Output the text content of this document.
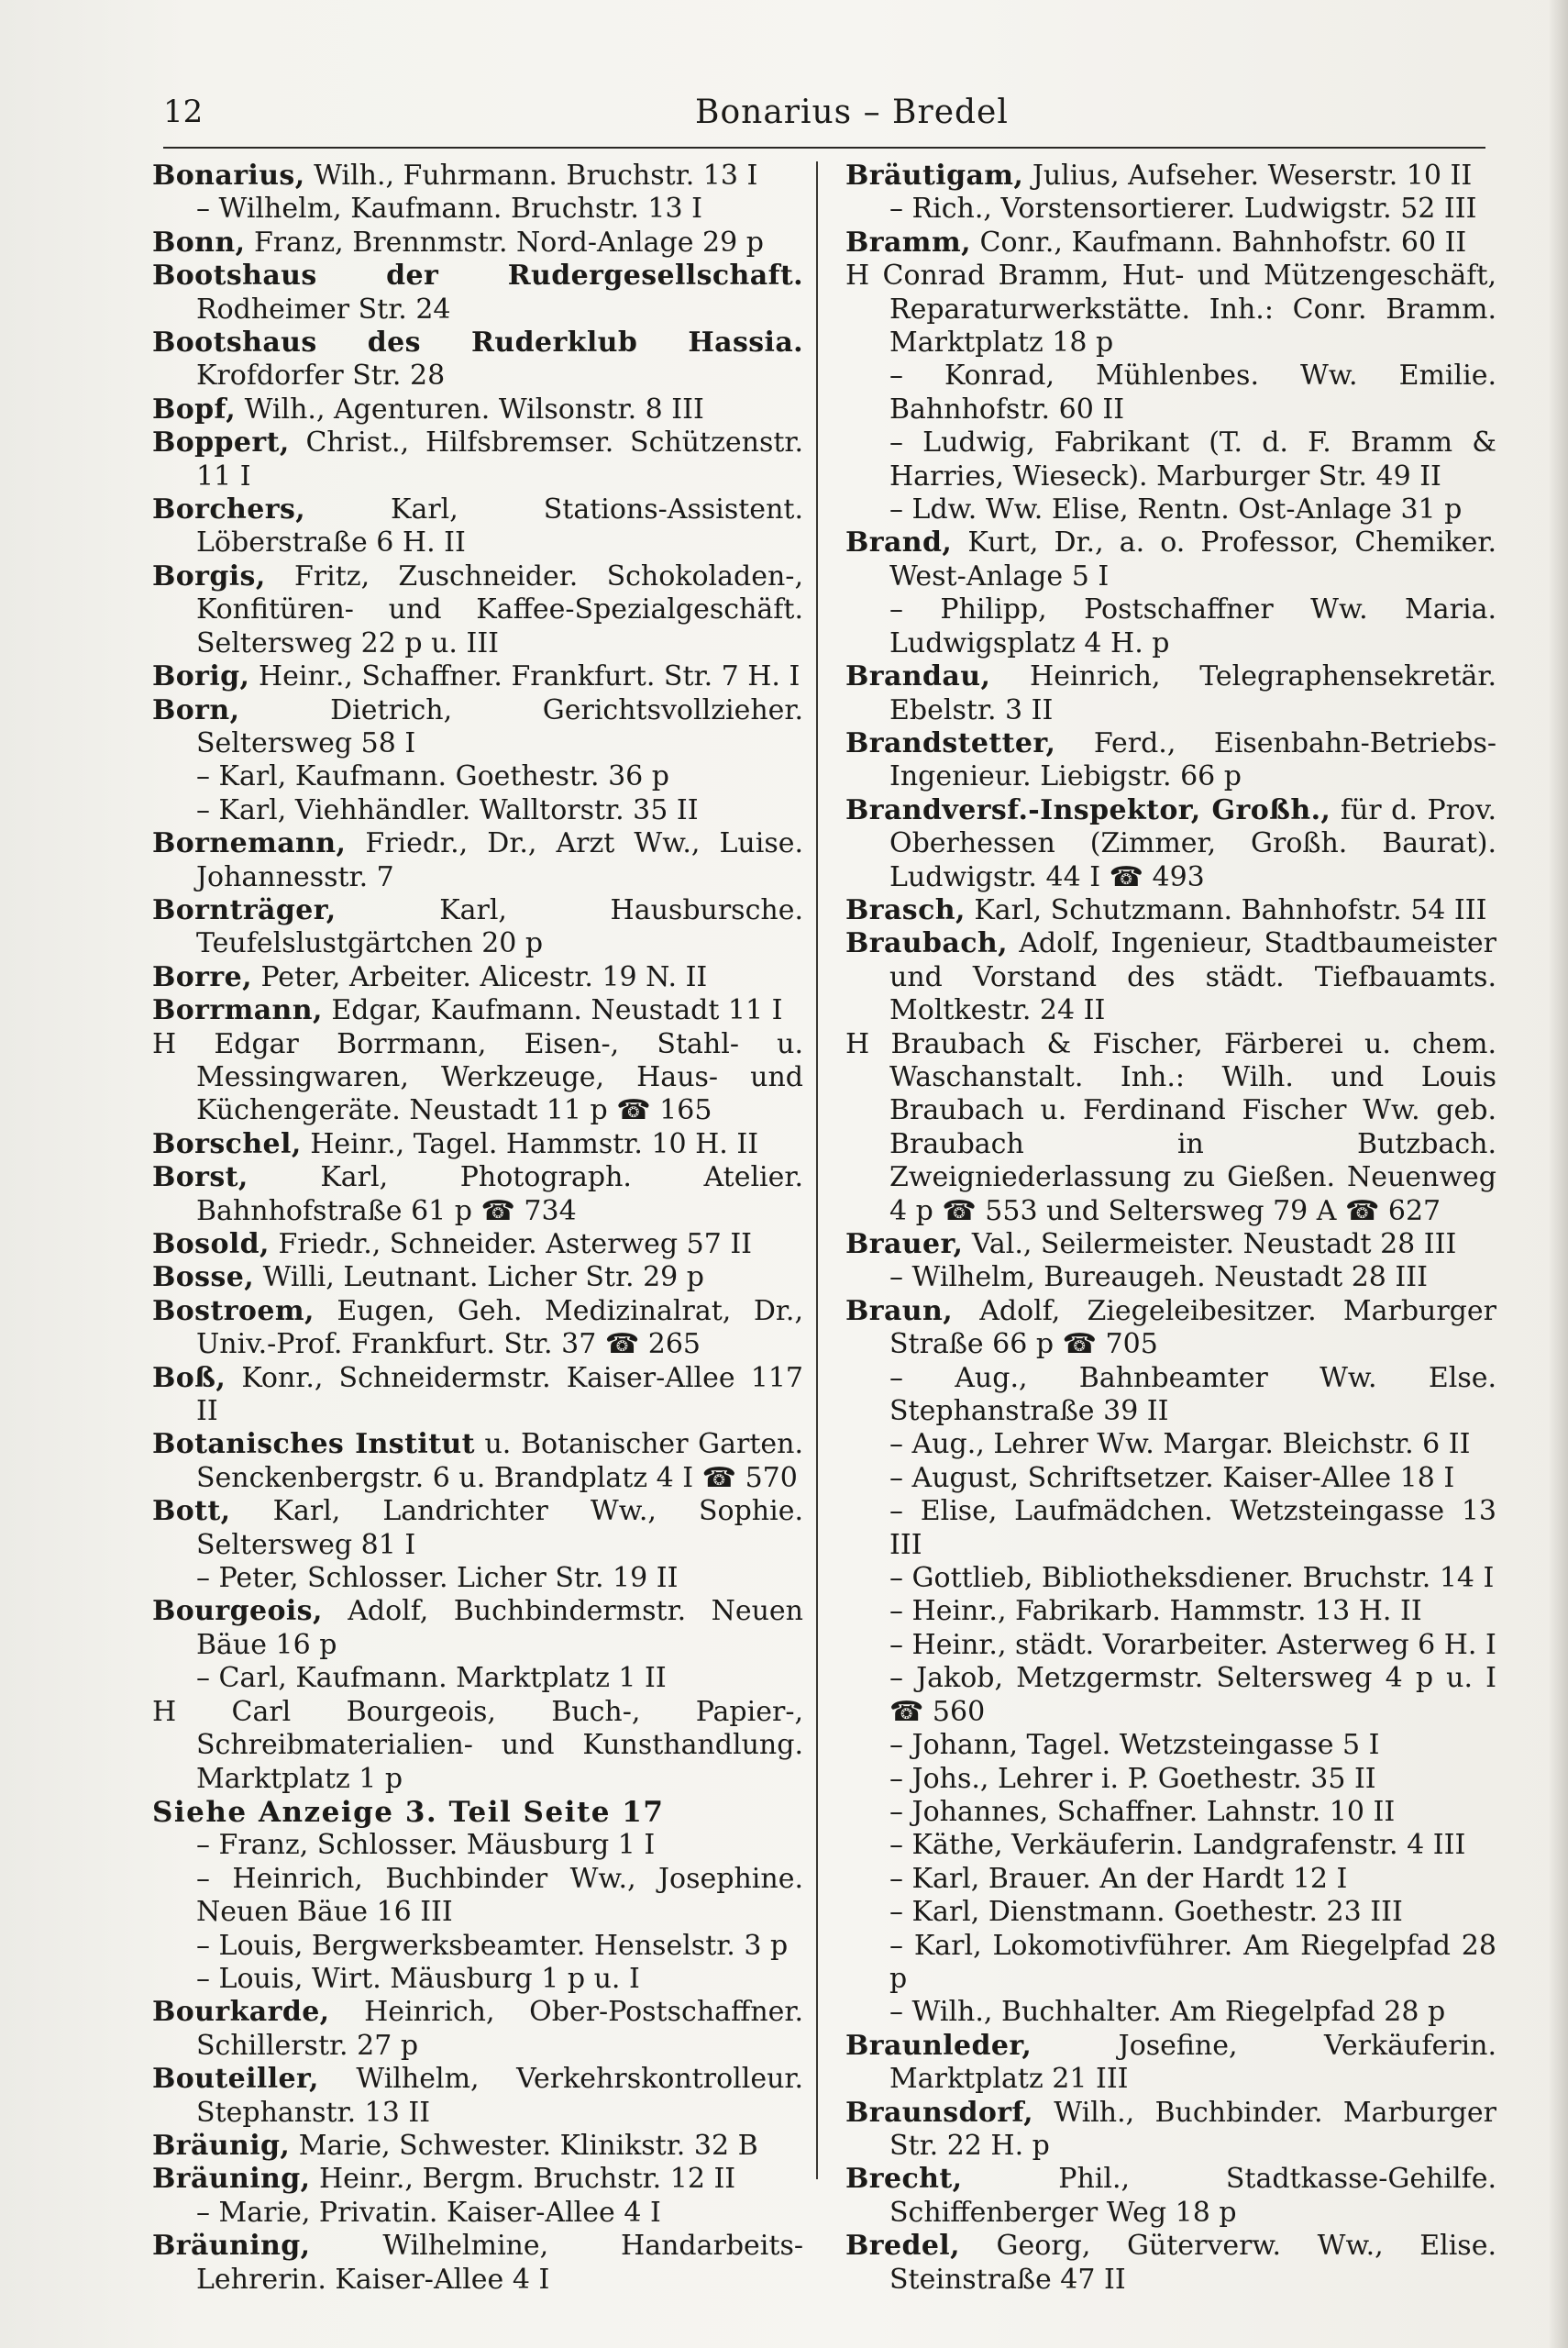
12	Bonarius – Bredel
Bonarius, Wilh., Fuhrmann. Bruchstr. 13 I
– Wilhelm, Kaufmann. Bruchstr. 13 I
Bonn, Franz, Brennmstr. Nord-Anlage 29 p
Bootshaus der Rudergesellschaft. Rodheimer Str. 24
Bootshaus des Ruderklub Hassia. Krofdorfer Str. 28
Bopf, Wilh., Agenturen. Wilsonstr. 8 III
Boppert, Christ., Hilfsbremser. Schützenstr. 11 I
Borchers,	Karl, Stations-Assistent. Löberstraße 6 H. II
Borgis, Fritz, Zuschneider. Schokoladen-, Konfitüren- und Kaffee-Spezialgeschäft. Seltersweg 22 p u. III
Borig, Heinr., Schaffner. Frankfurt. Str. 7 H. I
Born,	Dietrich, Gerichtsvollzieher. Seltersweg 58 I
– Karl, Kaufmann. Goethestr. 36 p
– Karl, Viehhändler. Walltorstr. 35 II
Bornemann, Friedr., Dr., Arzt Ww., Luise. Johannesstr. 7
Bornträger,	Karl, Hausbursche. Teufelslustgärtchen 20 p
Borre, Peter, Arbeiter. Alicestr. 19 N. II
Borrmann, Edgar, Kaufmann. Neustadt 11 I
H Edgar Borrmann, Eisen-, Stahl- u. Messingwaren, Werkzeuge, Haus- und Küchengeräte. Neustadt 11 p ☎ 165
Borschel, Heinr., Tagel. Hammstr. 10 H. II
Borst,	Karl, Photograph. Atelier. Bahnhofstraße 61 p ☎ 734
Bosold, Friedr., Schneider. Asterweg 57 II
Bosse, Willi, Leutnant. Licher Str. 29 p
Bostroem, Eugen, Geh. Medizinalrat, Dr., Univ.-Prof. Frankfurt. Str. 37 ☎ 265
Boß, Konr., Schneidermstr. Kaiser-Allee 117 II
Botanisches Institut u. Botanischer Garten. Senckenbergstr. 6 u. Brandplatz 4 I ☎ 570
Bott, Karl, Landrichter Ww., Sophie. Seltersweg 81 I
– Peter, Schlosser. Licher Str. 19 II
Bourgeois, Adolf, Buchbindermstr. Neuen Bäue 16 p
– Carl, Kaufmann. Marktplatz 1 II
H Carl Bourgeois, Buch-, Papier-, Schreibmaterialien- und Kunsthandlung. Marktplatz 1 p
Siehe Anzeige 3. Teil Seite 17
– Franz, Schlosser. Mäusburg 1 I
– Heinrich, Buchbinder Ww., Josephine. Neuen Bäue 16 III
– Louis, Bergwerksbeamter. Henselstr. 3 p
– Louis, Wirt. Mäusburg 1 p u. I
Bourkarde, Heinrich, Ober-Postschaffner. Schillerstr. 27 p
Bouteiller, Wilhelm, Verkehrskontrolleur. Stephanstr. 13 II
Bräunig, Marie, Schwester. Klinikstr. 32 B
Bräuning, Heinr., Bergm. Bruchstr. 12 II
– Marie, Privatin. Kaiser-Allee 4 I
Bräuning,	Wilhelmine, Handarbeits-Lehrerin. Kaiser-Allee 4 I
Bräutigam, Julius, Aufseher. Weserstr. 10 II
– Rich., Vorstensortierer. Ludwigstr. 52 III
Bramm, Conr., Kaufmann. Bahnhofstr. 60 II
H Conrad Bramm, Hut- und Mützengeschäft, Reparaturwerkstätte. Inh.: Conr. Bramm. Marktplatz 18 p
– Konrad, Mühlenbes. Ww. Emilie. Bahnhofstr. 60 II
– Ludwig, Fabrikant (T. d. F. Bramm & Harries, Wieseck). Marburger Str. 49 II
– Ldw. Ww. Elise, Rentn. Ost-Anlage 31 p
Brand, Kurt, Dr., a. o. Professor, Chemiker. West-Anlage 5 I
– Philipp, Postschaffner Ww. Maria. Ludwigsplatz 4 H. p
Brandau, Heinrich, Telegraphensekretär. Ebelstr. 3 II
Brandstetter, Ferd., Eisenbahn-Betriebs-Ingenieur. Liebigstr. 66 p
Brandversf.-Inspektor, Großh., für d. Prov. Oberhessen (Zimmer, Großh. Baurat). Ludwigstr. 44 I ☎ 493
Brasch, Karl, Schutzmann. Bahnhofstr. 54 III
Braubach, Adolf, Ingenieur, Stadtbaumeister und Vorstand des städt. Tiefbauamts. Moltkestr. 24 II
H Braubach & Fischer, Färberei u. chem. Waschanstalt. Inh.: Wilh. und Louis Braubach u. Ferdinand Fischer Ww. geb. Braubach in Butzbach. Zweigniederlassung zu Gießen. Neuenweg 4 p ☎ 553 und Seltersweg 79 A ☎ 627
Brauer, Val., Seilermeister. Neustadt 28 III
– Wilhelm, Bureaugeh. Neustadt 28 III
Braun, Adolf, Ziegeleibesitzer. Marburger Straße 66 p ☎ 705
– Aug., Bahnbeamter Ww. Else. Stephanstraße 39 II
– Aug., Lehrer Ww. Margar. Bleichstr. 6 II
– August, Schriftsetzer. Kaiser-Allee 18 I
– Elise, Laufmädchen. Wetzsteingasse 13 III
– Gottlieb, Bibliotheksdiener. Bruchstr. 14 I
– Heinr., Fabrikarb. Hammstr. 13 H. II
– Heinr., städt. Vorarbeiter. Asterweg 6 H. I
– Jakob, Metzgermstr. Seltersweg 4 p u. I ☎ 560
– Johann, Tagel. Wetzsteingasse 5 I
– Johs., Lehrer i. P. Goethestr. 35 II
– Johannes, Schaffner. Lahnstr. 10 II
– Käthe, Verkäuferin. Landgrafenstr. 4 III
– Karl, Brauer. An der Hardt 12 I
– Karl, Dienstmann. Goethestr. 23 III
– Karl, Lokomotivführer. Am Riegelpfad 28 p
– Wilh., Buchhalter. Am Riegelpfad 28 p
Braunleder,	Josefine, Verkäuferin. Marktplatz 21 III
Braunsdorf, Wilh., Buchbinder. Marburger Str. 22 H. p
Brecht,	Phil., Stadtkasse-Gehilfe. Schiffenberger Weg 18 p
Bredel, Georg, Güterverw. Ww., Elise. Steinstraße 47 II
